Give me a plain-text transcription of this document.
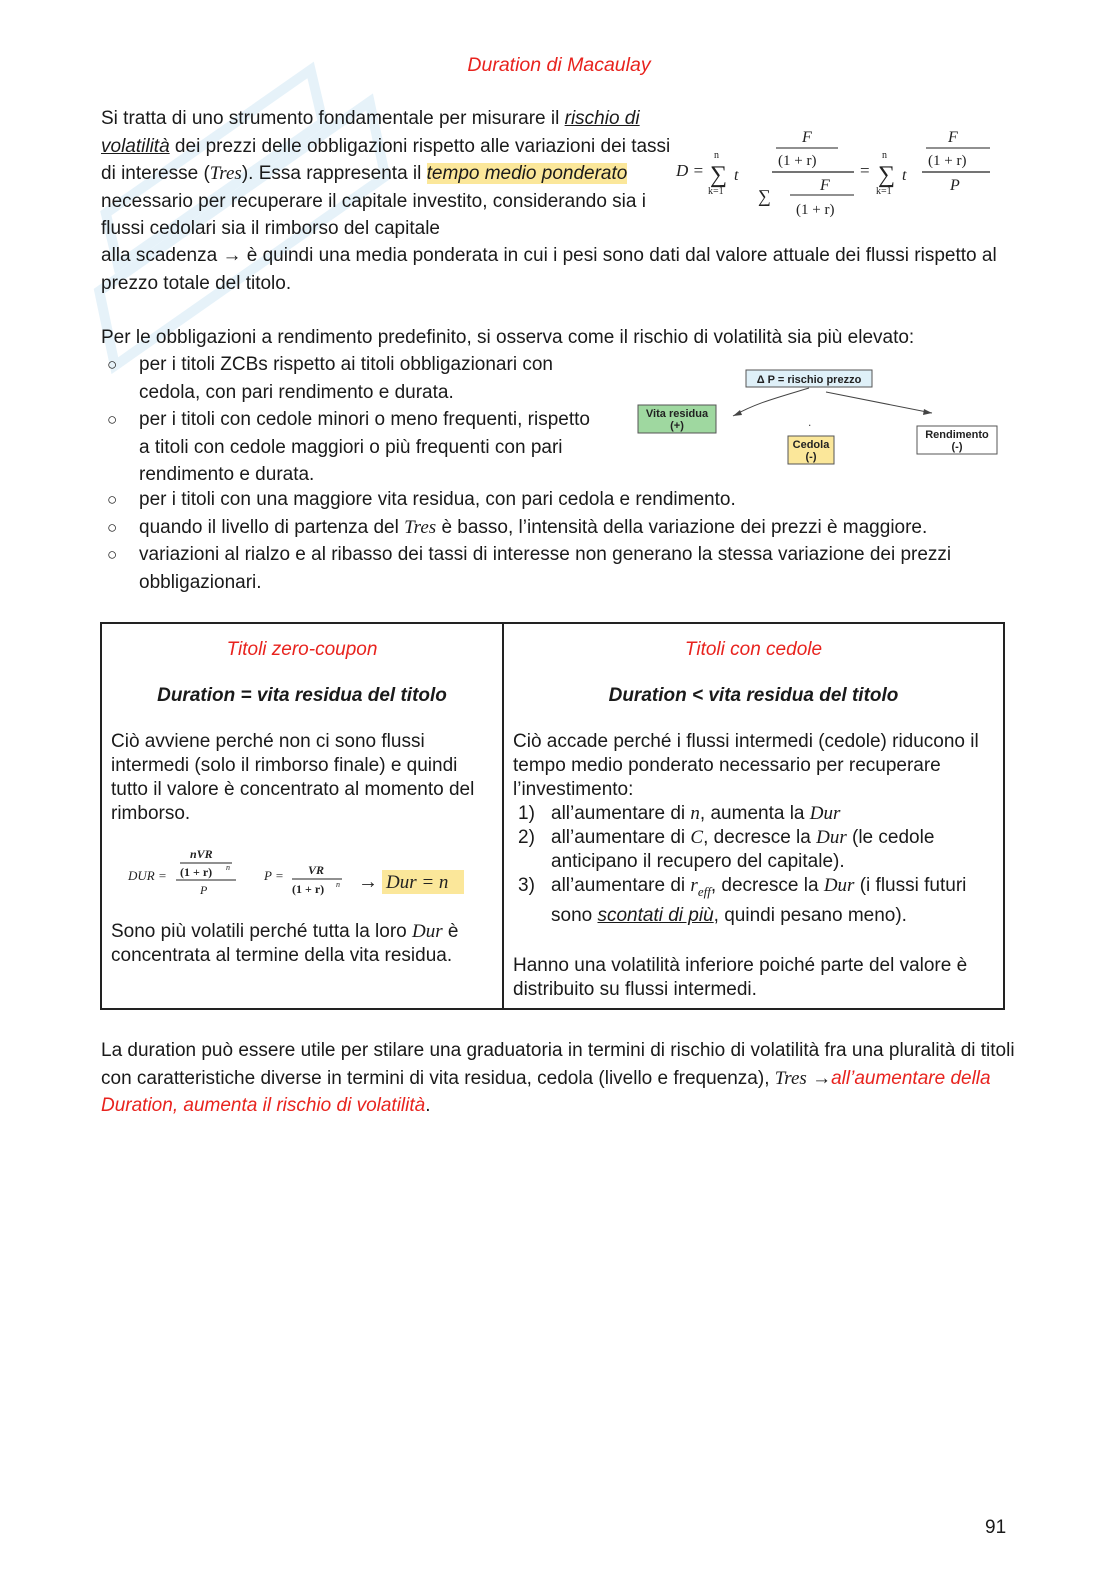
Duration di Macaulay

Si tratta di uno strumento fondamentale per misurare il rischio di volatilità dei prezzi delle obbligazioni rispetto alle variazioni dei tassi di interesse (Tres). Essa rappresenta il tempo medio ponderato necessario per recuperare il capitale investito, considerando sia i flussi cedolari sia il rimborso del capitale

alla scadenza → è quindi una media ponderata in cui i pesi sono dati dal valore attuale dei flussi rispetto al prezzo totale del titolo.
D = ∑
n
k=1
t
F
(1 + r)
∑
F
(1 + r)
= ∑
n
k=1
t
F
(1 + r)
P
Per le obbligazioni a rendimento predefinito, si osserva come il rischio di volatilità sia più elevato:
○ per i titoli ZCBs rispetto ai titoli obbligazionari con cedola, con pari rendimento e durata.
○ per i titoli con cedole minori o meno frequenti, rispetto a titoli con cedole maggiori o più frequenti con pari rendimento e durata.
Δ P = rischio prezzo
.
Vita residua
(+)
Cedola
(-)
Rendimento
(-)
○ per i titoli con una maggiore vita residua, con pari cedola e rendimento.
○ quando il livello di partenza del Tres è basso, l’intensità della variazione dei prezzi è maggiore.
○ variazioni al rialzo e al ribasso dei tassi di interesse non generano la stessa variazione dei prezzi obbligazionari.
Titoli zero-coupon
Duration = vita residua del titolo

Ciò avviene perché non ci sono flussi intermedi (solo il rimborso finale) e quindi tutto il valore è concentrato al momento del rimborso.

DUR =
nVR
(1 + r) n
P
P = VR
(1 + r) n → Dur = n
Sono più volatili perché tutta la loro Dur è concentrata al termine della vita residua.
Titoli con cedole
Duration < vita residua del titolo

Ciò accade perché i flussi intermedi (cedole) riducono il tempo medio ponderato necessario per recuperare l’investimento:

1) all’aumentare di n, aumenta la Dur
2) all’aumentare di C, decresce la Dur (le cedole anticipano il recupero del capitale).
3) all’aumentare di $r_{eff}$, decresce la Dur (i flussi futuri sono scontati di più, quindi pesano meno).
Hanno una volatilità inferiore poiché parte del valore è distribuito su flussi intermedi.
La duration può essere utile per stilare una graduatoria in termini di rischio di volatilità fra una pluralità di titoli con caratteristiche diverse in termini di vita residua, cedola (livello e frequenza), Tres →all’aumentare della Duration, aumenta il rischio di volatilità.
91
